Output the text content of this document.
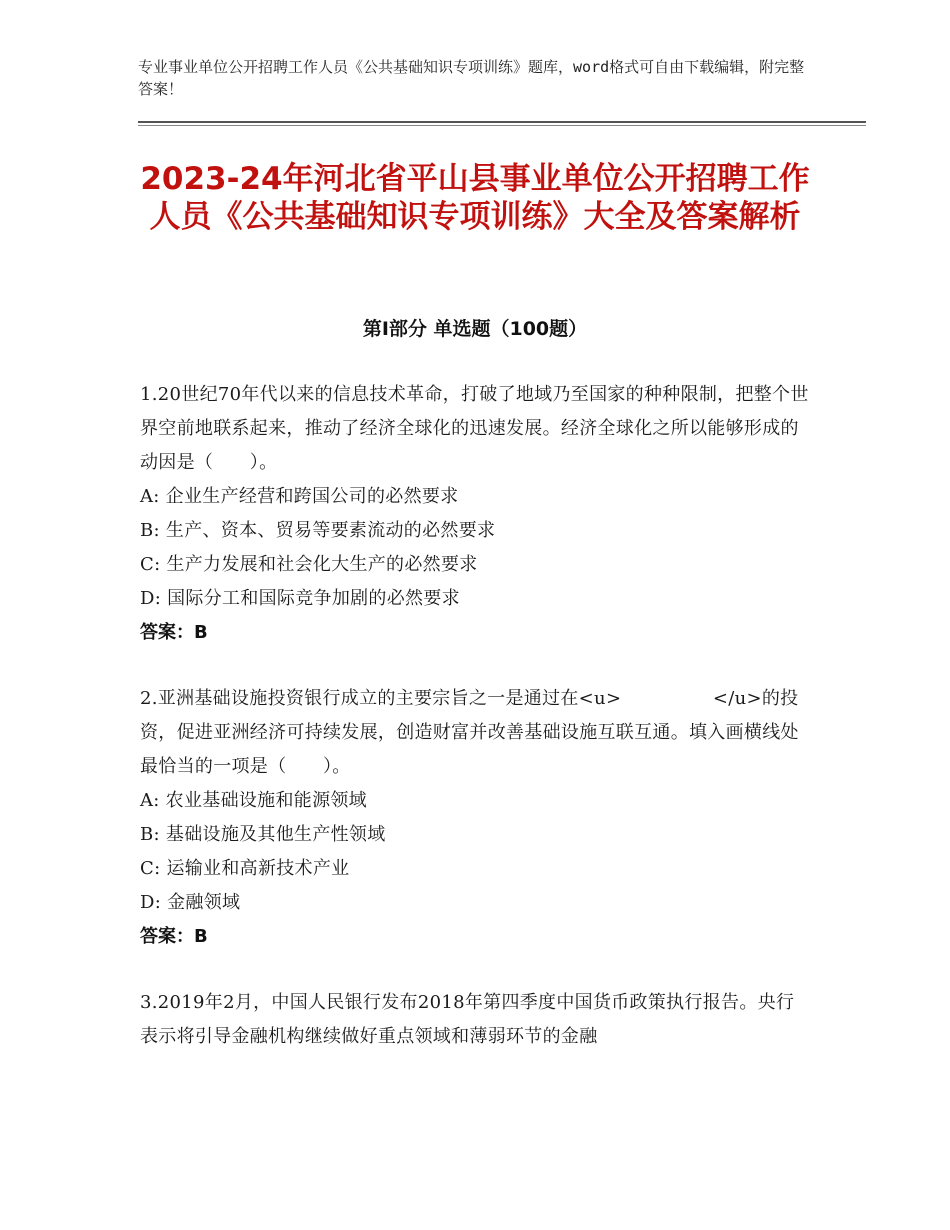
专业事业单位公开招聘工作人员《公共基础知识专项训练》题库，word格式可自由下载编辑，附完整答案！
2023-24年河北省平山县事业单位公开招聘工作人员《公共基础知识专项训练》大全及答案解析
第Ⅰ部分 单选题（100题）
1.20世纪70年代以来的信息技术革命，打破了地域乃至国家的种种限制，把整个世界空前地联系起来，推动了经济全球化的迅速发展。经济全球化之所以能够形成的动因是（　　）。
A: 企业生产经营和跨国公司的必然要求
B: 生产、资本、贸易等要素流动的必然要求
C: 生产力发展和社会化大生产的必然要求
D: 国际分工和国际竞争加剧的必然要求
答案：B
2.亚洲基础设施投资银行成立的主要宗旨之一是通过在<u>　　　　　</u>的投资，促进亚洲经济可持续发展，创造财富并改善基础设施互联互通。填入画横线处最恰当的一项是（　　）。
A: 农业基础设施和能源领域
B: 基础设施及其他生产性领域
C: 运输业和高新技术产业
D: 金融领域
答案：B
3.2019年2月，中国人民银行发布2018年第四季度中国货币政策执行报告。央行表示将引导金融机构继续做好重点领域和薄弱环节的金融
